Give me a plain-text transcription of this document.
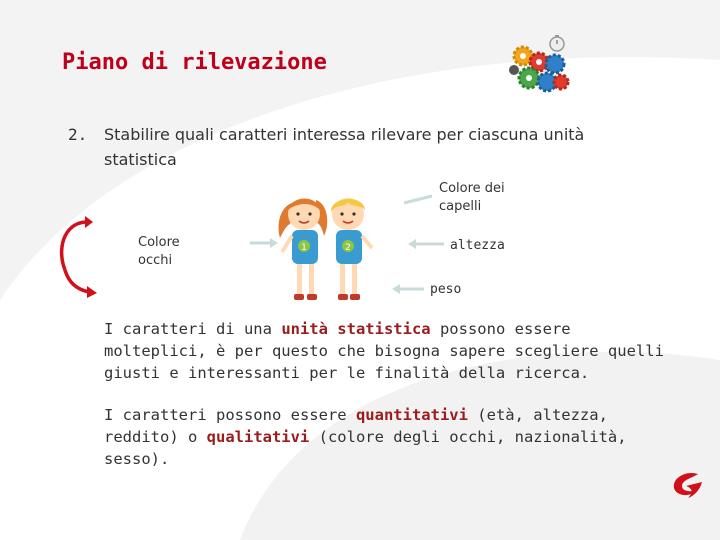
Piano di rilevazione
2. Stabilire quali caratteri interessa rilevare per ciascuna unità statistica
Colore dei
capelli
Colore
occhi
altezza
peso
1	2
I caratteri di una unità statistica possono essere molteplici, è per questo che bisogna sapere scegliere quelli giusti e interessanti per le finalità della ricerca.
I caratteri possono essere quantitativi (età, altezza, reddito) o qualitativi (colore degli occhi, nazionalità, sesso).
